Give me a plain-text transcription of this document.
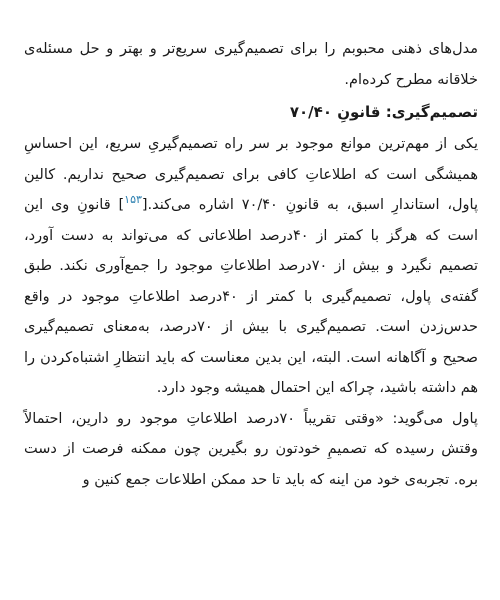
مدل‌های ذهنی محبوبم را برای تصمیم‌گیری سریع‌تر و بهتر و حل مسئله‌ی خلاقانه مطرح کرده‌ام.

تصمیم‌گیری: قانونِ ۷۰/۴۰

یکی از مهم‌ترین موانع موجود بر سر راه تصمیم‌گیریِ سریع، این احساسِ همیشگی است که اطلاعاتِ کافی برای تصمیم‌گیری صحیح نداریم. کالین پاول، استاندارِ اسبق، به قانونِ ۷۰/۴۰ اشاره می‌کند.[$^{۱۵۳}$] قانونِ وی این است که هرگز با کمتر از ۴۰درصد اطلاعاتی که می‌تواند به دست آورد، تصمیم نگیرد و بیش از ۷۰درصد اطلاعاتِ موجود را جمع‌آوری نکند. طبق گفته‌ی پاول، تصمیم‌گیری با کمتر از ۴۰درصد اطلاعاتِ موجود در واقع حدس‌زدن است. تصمیم‌گیری با بیش از ۷۰درصد، به‌معنای تصمیم‌گیری صحیح و آگاهانه است. البته، این بدین معناست که باید انتظارِ اشتباه‌کردن را هم داشته باشید، چراکه این احتمال همیشه وجود دارد.

پاول می‌گوید: «وقتی تقریباً ۷۰درصد اطلاعاتِ موجود رو دارین، احتمالاً وقتش رسیده که تصمیمِ خودتون رو بگیرین چون ممکنه فرصت از دست بره. تجربه‌ی خود من اینه که باید تا حد ممکن اطلاعات جمع کنین و
